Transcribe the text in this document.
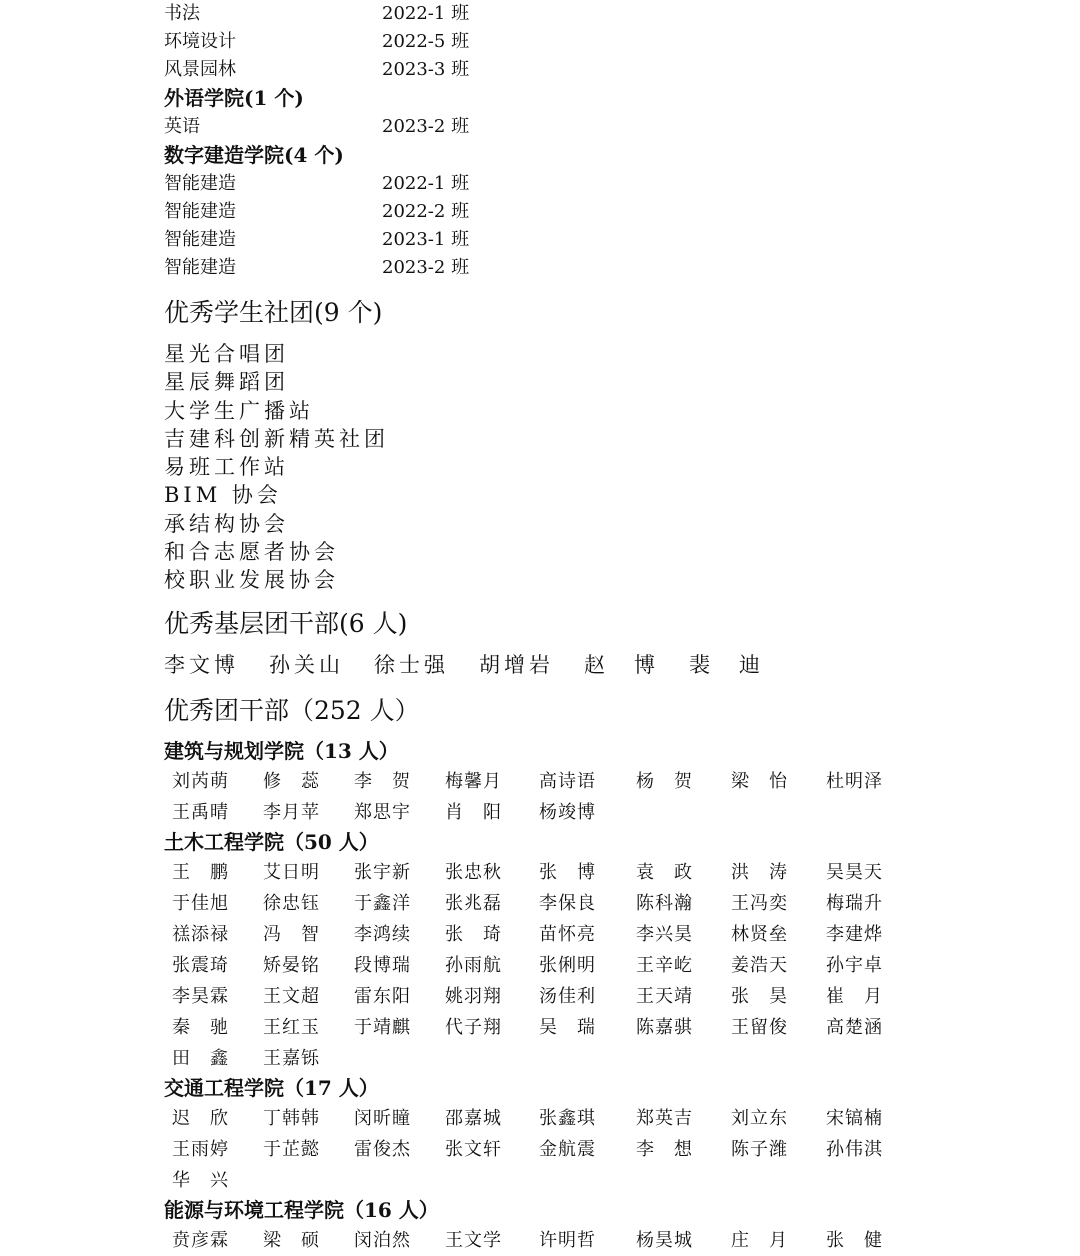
书法	2022-1 班
环境设计	2022-5 班
风景园林	2023-3 班
外语学院(1 个)
英语	2023-2 班
数字建造学院(4 个)
智能建造	2022-1 班
智能建造	2022-2 班
智能建造	2023-1 班
智能建造	2023-2 班
优秀学生社团(9 个)
星光合唱团
星辰舞蹈团
大学生广播站
吉建科创新精英社团
易班工作站
BIM 协会
承结构协会
和合志愿者协会
校职业发展协会
优秀基层团干部(6 人)
李文博 孙关山 徐士强 胡增岩 赵　博 裴　迪
优秀团干部（252 人）
建筑与规划学院（13 人）
刘芮萌 修蕊 李贺 梅馨月 高诗语 杨贺 梁怡 杜明泽
王禹晴 李月苹 郑思宇 肖阳 杨竣博
土木工程学院（50 人）
王鹏 艾日明 张宇新 张忠秋 张博 袁政 洪涛 吴昊天
于佳旭 徐忠钰 于鑫洋 张兆磊 李保良 陈科瀚 王冯奕 梅瑞升
禚添禄 冯智 李鸿续 张琦 苗怀亮 李兴昊 林贤垒 李建烨
张震琦 矫晏铭 段博瑞 孙雨航 张俐明 王辛屹 姜浩天 孙宇卓
李昊霖 王文超 雷东阳 姚羽翔 汤佳利 王天靖 张昊 崔月
秦驰 王红玉 于靖麒 代子翔 吴瑞 陈嘉骐 王留俊 高楚涵
田鑫 王嘉铄
交通工程学院（17 人）
迟欣 丁韩韩 闵昕瞳 邵嘉城 张鑫琪 郑英吉 刘立东 宋镐楠
王雨婷 于芷懿 雷俊杰 张文轩 金航震 李想 陈子潍 孙伟淇
华兴
能源与环境工程学院（16 人）
贲彦霖 梁硕 闵泊然 王文学 许明哲 杨昊城 庄月 张健
